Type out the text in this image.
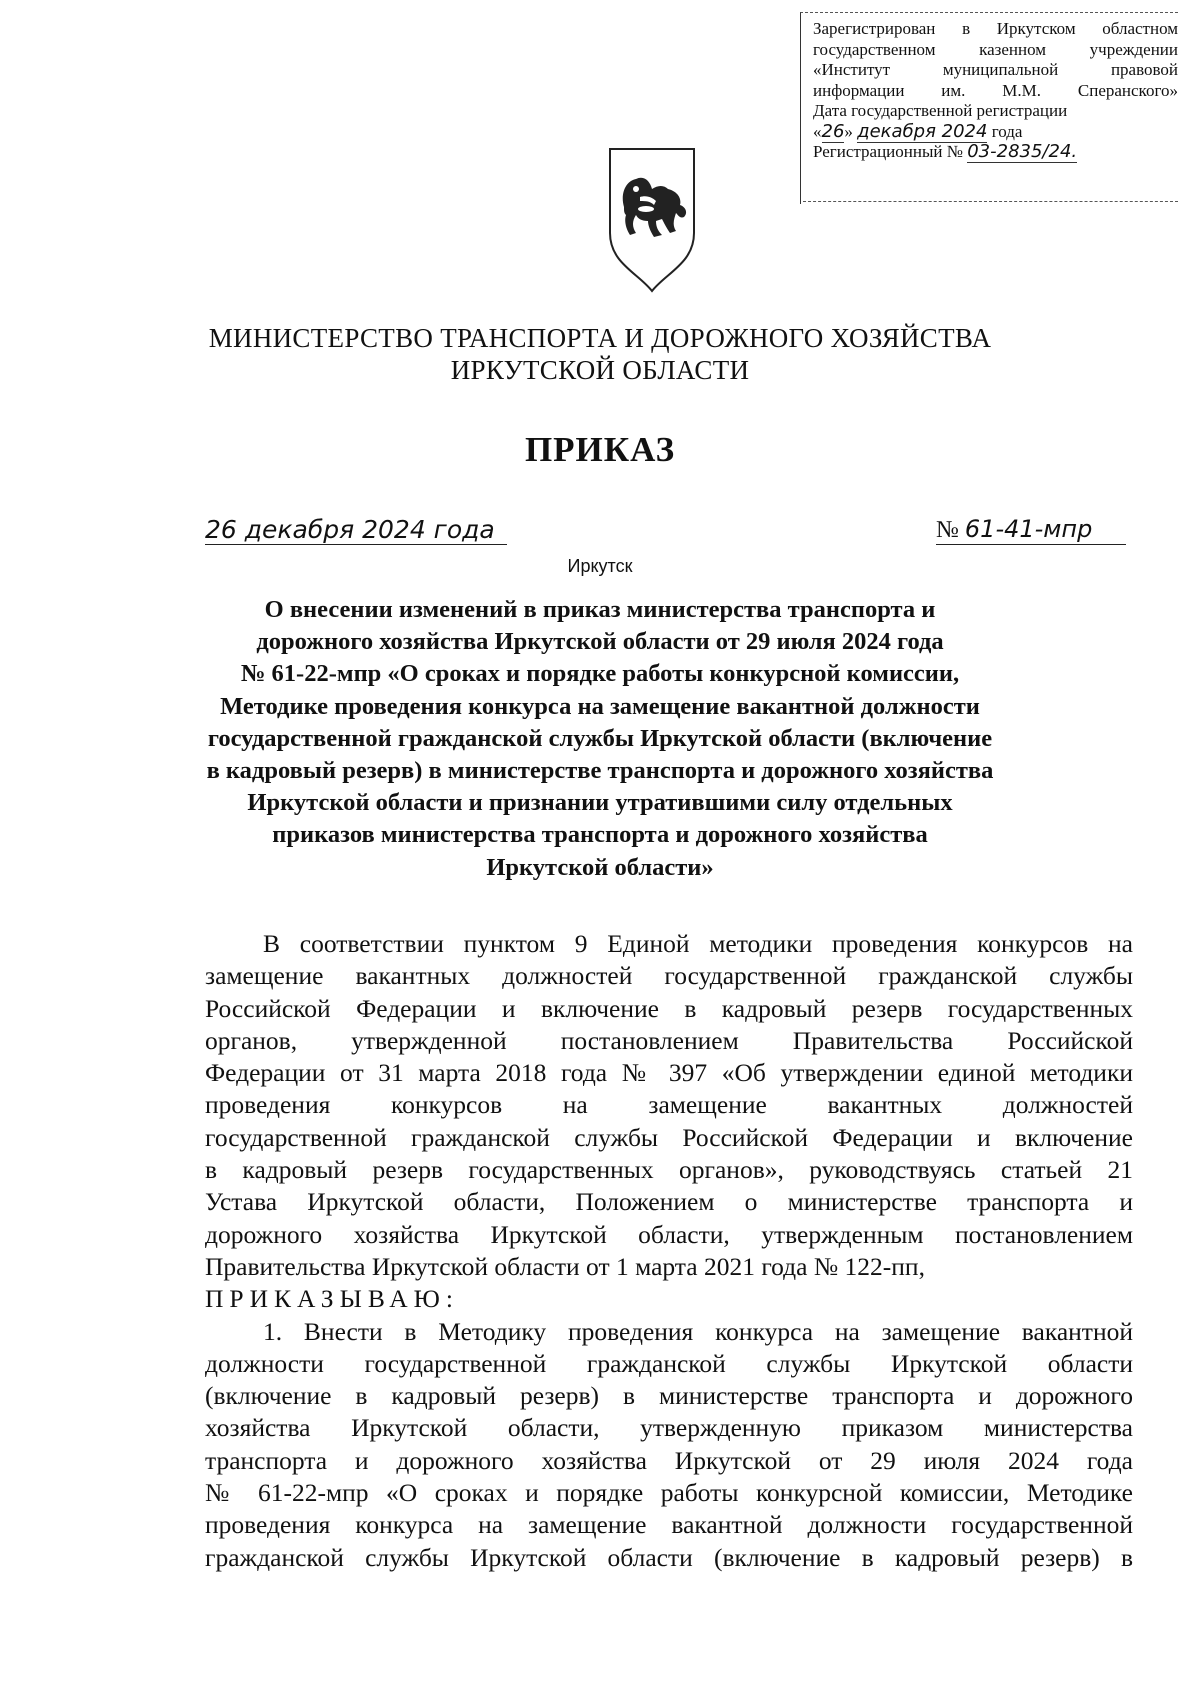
Зарегистрирован в Иркутском областном
государственном казенном учреждении
«Институт муниципальной правовой
информации им. М.М. Сперанского»
Дата государственной регистрации
«26» декабря 2024 года
Регистрационный № 03-2835/24.
МИНИСТЕРСТВО ТРАНСПОРТА И ДОРОЖНОГО ХОЗЯЙСТВА
ИРКУТСКОЙ ОБЛАСТИ
ПРИКАЗ
26 декабря 2024 года	№ 61-41-мпр
Иркутск
О внесении изменений в приказ министерства транспорта и
дорожного хозяйства Иркутской области от 29 июля 2024 года
№ 61-22-мпр «О сроках и порядке работы конкурсной комиссии,
Методике проведения конкурса на замещение вакантной должности
государственной гражданской службы Иркутской области (включение
в кадровый резерв) в министерстве транспорта и дорожного хозяйства
Иркутской области и признании утратившими силу отдельных
приказов министерства транспорта и дорожного хозяйства
Иркутской области»
В соответствии пунктом 9 Единой методики проведения конкурсов на
замещение вакантных должностей государственной гражданской службы
Российской Федерации и включение в кадровый резерв государственных
органов, утвержденной постановлением Правительства Российской
Федерации от 31 марта 2018 года № 397 «Об утверждении единой методики
проведения конкурсов на замещение вакантных должностей
государственной гражданской службы Российской Федерации и включение
в кадровый резерв государственных органов», руководствуясь статьей 21
Устава Иркутской области, Положением о министерстве транспорта и
дорожного хозяйства Иркутской области, утвержденным постановлением
Правительства Иркутской области от 1 марта 2021 года № 122-пп,
ПРИКАЗЫВАЮ:
1. Внести в Методику проведения конкурса на замещение вакантной
должности государственной гражданской службы Иркутской области
(включение в кадровый резерв) в министерстве транспорта и дорожного
хозяйства Иркутской области, утвержденную приказом министерства
транспорта и дорожного хозяйства Иркутской от 29 июля 2024 года
№ 61-22-мпр «О сроках и порядке работы конкурсной комиссии, Методике
проведения конкурса на замещение вакантной должности государственной
гражданской службы Иркутской области (включение в кадровый резерв) в
